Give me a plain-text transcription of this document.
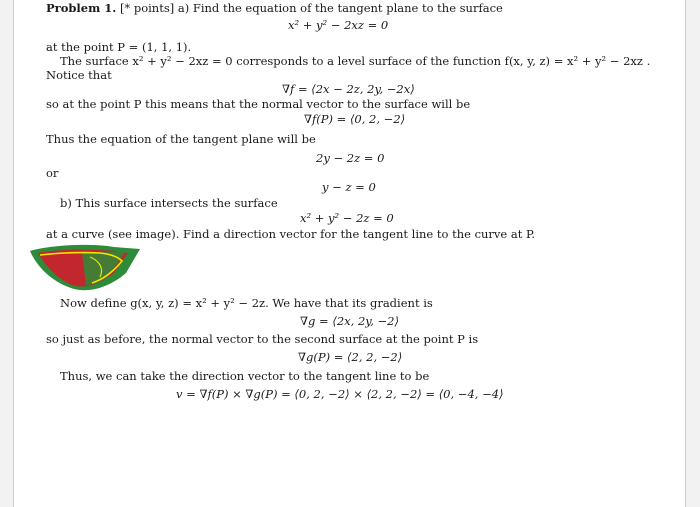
Problem 1. [* points] a) Find the equation of the tangent plane to the surface
x² + y² − 2xz = 0
at the point P = (1, 1, 1).
The surface x² + y² − 2xz = 0 corresponds to a level surface of the function f(x, y, z) = x² + y² − 2xz .
Notice that
∇f = ⟨2x − 2z, 2y, −2x⟩
so at the point P this means that the normal vector to the surface will be
∇f(P) = ⟨0, 2, −2⟩
Thus the equation of the tangent plane will be
2y − 2z = 0
or
y − z = 0
b) This surface intersects the surface
x² + y² − 2z = 0
at a curve (see image). Find a direction vector for the tangent line to the curve at P.
Now define g(x, y, z) = x² + y² − 2z. We have that its gradient is
∇g = ⟨2x, 2y, −2⟩
so just as before, the normal vector to the second surface at the point P is
∇g(P) = ⟨2, 2, −2⟩
Thus, we can take the direction vector to the tangent line to be
v = ∇f(P) × ∇g(P) = ⟨0, 2, −2⟩ × ⟨2, 2, −2⟩ = ⟨0, −4, −4⟩
